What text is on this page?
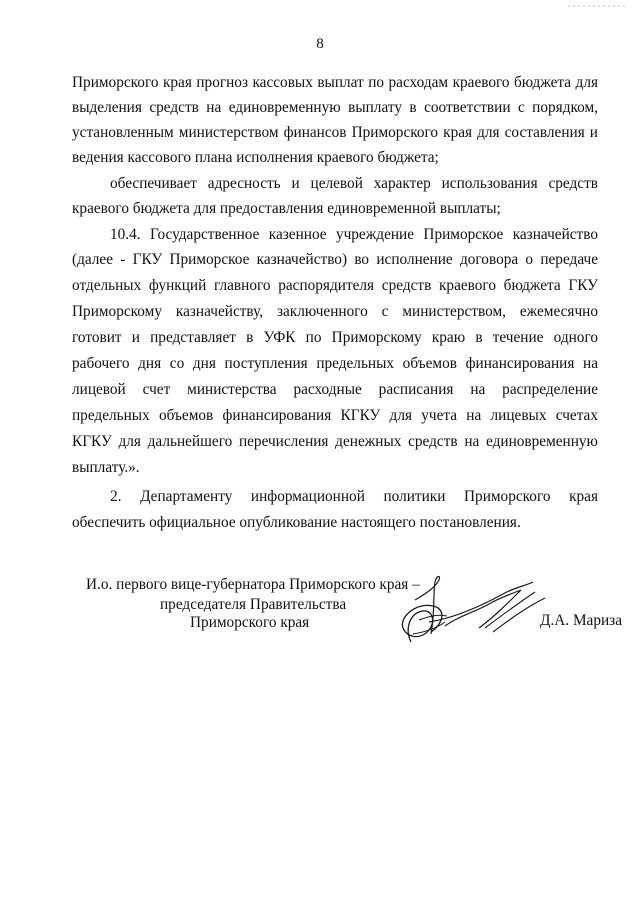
8
Приморского края прогноз кассовых выплат по расходам краевого бюджета для
выделения средств на единовременную выплату в соответствии с порядком,
установленным министерством финансов Приморского края для составления и
ведения кассового плана исполнения краевого бюджета;
обеспечивает адресность и целевой характер использования средств
краевого бюджета для предоставления единовременной выплаты;
10.4. Государственное казенное учреждение Приморское казначейство
(далее - ГКУ Приморское казначейство) во исполнение договора о передаче
отдельных функций главного распорядителя средств краевого бюджета ГКУ
Приморскому казначейству, заключенного с министерством, ежемесячно
готовит и представляет в УФК по Приморскому краю в течение одного
рабочего дня со дня поступления предельных объемов финансирования на
лицевой счет министерства расходные расписания на распределение
предельных объемов финансирования КГКУ для учета на лицевых счетах
КГКУ для дальнейшего перечисления денежных средств на единовременную
выплату.».
2. Департаменту информационной политики Приморского края
обеспечить официальное опубликование настоящего постановления.
И.о. первого вице-губернатора Приморского края –
председателя Правительства
Приморского края	Д.А. Мариза
